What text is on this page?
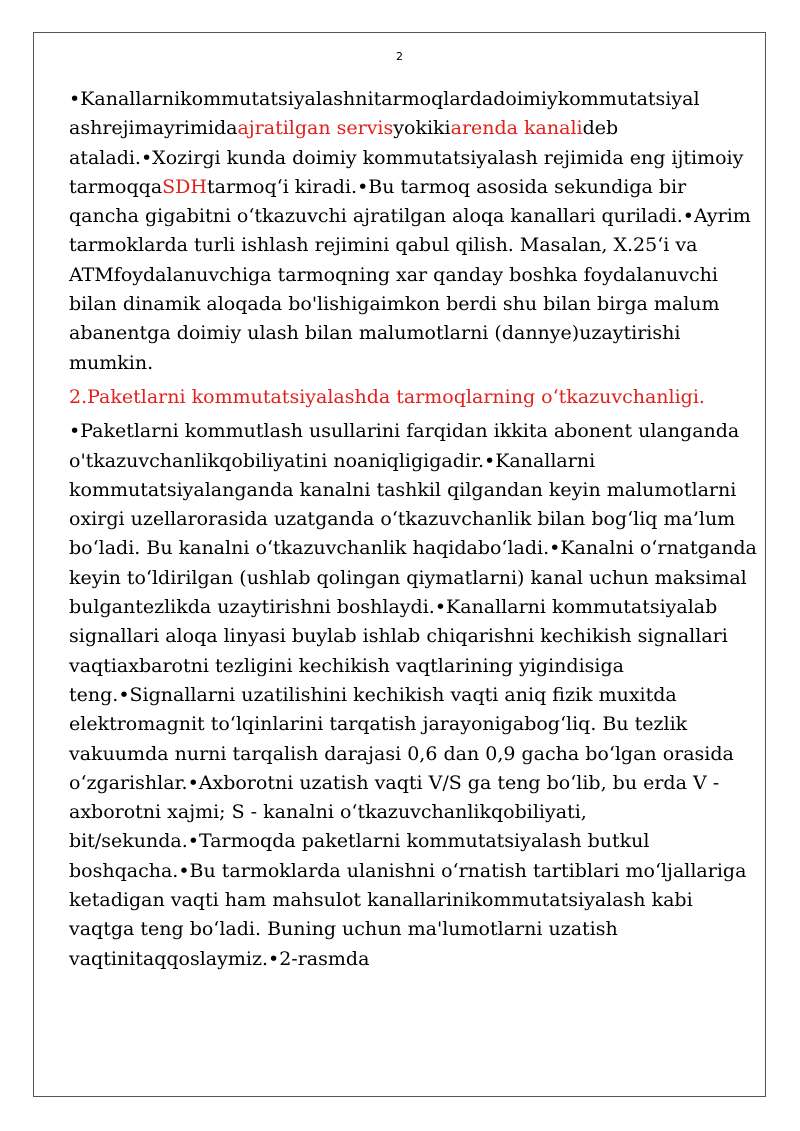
2

•Kanallarnikommutatsiyalashnitarmoqlardadoimiykommutatsiyal ashrejimayrimidaajratilgan servisyokikiarenda kanalideb ataladi.•Xozirgi kunda doimiy kommutatsiyalash rejimida eng ijtimoiy tarmoqqaSDHtarmoq‘i kiradi.•Bu tarmoq asosida sekundiga bir qancha gigabitni o‘tkazuvchi ajratilgan aloqa kanallari quriladi.•Ayrim tarmoklarda turli ishlash rejimini qabul qilish. Masalan, X.25‘i va ATMfoydalanuvchiga tarmoqning xar qanday boshka foydalanuvchi bilan dinamik aloqada bo'lishigaimkon berdi shu bilan birga malum abanentga doimiy ulash bilan malumotlarni (dannye)uzaytirishi mumkin.

2.Paketlarni kommutatsiyalashda tarmoqlarning o‘tkazuvchanligi.

•Paketlarni kommutlash usullarini farqidan ikkita abonent ulanganda o'tkazuvchanlikqobiliyatini noaniqligigadir.•Kanallarni kommutatsiyalanganda kanalni tashkil qilgandan keyin malumotlarni oxirgi uzellarorasida uzatganda o‘tkazuvchanlik bilan bog‘liq ma’lum bo‘ladi. Bu kanalni o‘tkazuvchanlik haqidabo‘ladi.•Kanalni o‘rnatganda keyin to‘ldirilgan (ushlab qolingan qiymatlarni) kanal uchun maksimal bulgantezlikda uzaytirishni boshlaydi.•Kanallarni kommutatsiyalab signallari aloqa linyasi buylab ishlab chiqarishni kechikish signallari vaqtiaxbarotni tezligini kechikish vaqtlarining yigindisiga teng.•Signallarni uzatilishini kechikish vaqti aniq fizik muxitda elektromagnit to‘lqinlarini tarqatish jarayonigabog‘liq. Bu tezlik vakuumda nurni tarqalish darajasi 0,6 dan 0,9 gacha bo‘lgan orasida o‘zgarishlar.•Axborotni uzatish vaqti V/S ga teng bo‘lib, bu erda V - axborotni xajmi; S - kanalni o‘tkazuvchanlikqobiliyati, bit/sekunda.•Tarmoqda paketlarni kommutatsiyalash butkul boshqacha.•Bu tarmoklarda ulanishni o‘rnatish tartiblari mo‘ljallariga ketadigan vaqti ham mahsulot kanallarinikommutatsiyalash kabi vaqtga teng bo‘ladi. Buning uchun ma'lumotlarni uzatish vaqtinitaqqoslaymiz.•2-rasmda
